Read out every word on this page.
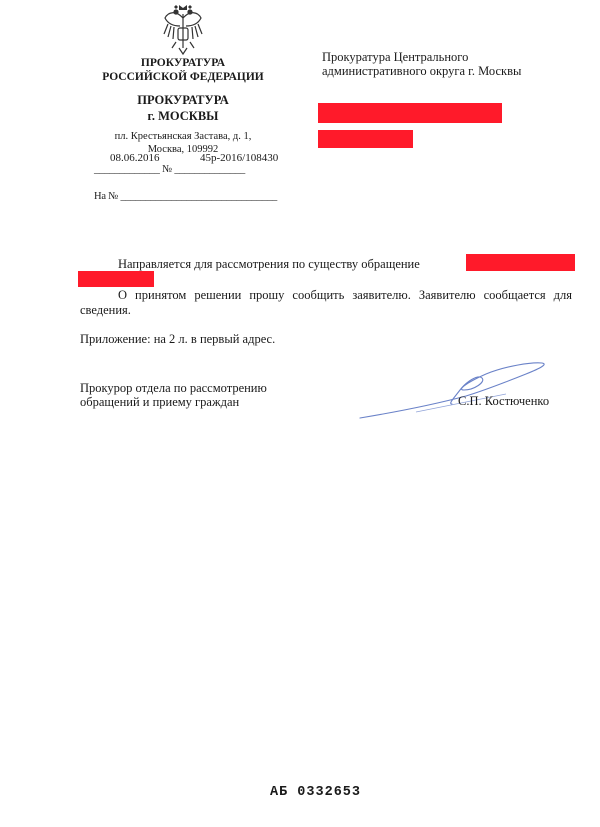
ПРОКУРАТУРА
РОССИЙСКОЙ ФЕДЕРАЦИИ
ПРОКУРАТУРА
г. МОСКВЫ
пл. Крестьянская Застава, д. 1,
Москва, 109992
08.06.2016	45р-2016/108430
_____________ № ______________
На № _______________________________
Прокуратура Центрального
административного округа г. Москвы
Направляется для рассмотрения по существу обращение
О принятом решении прошу сообщить заявителю. Заявителю сообщается для сведения.
Приложение: на 2 л. в первый адрес.
Прокурор отдела по рассмотрению
обращений и приему граждан	С.П. Костюченко
АБ 0332653
